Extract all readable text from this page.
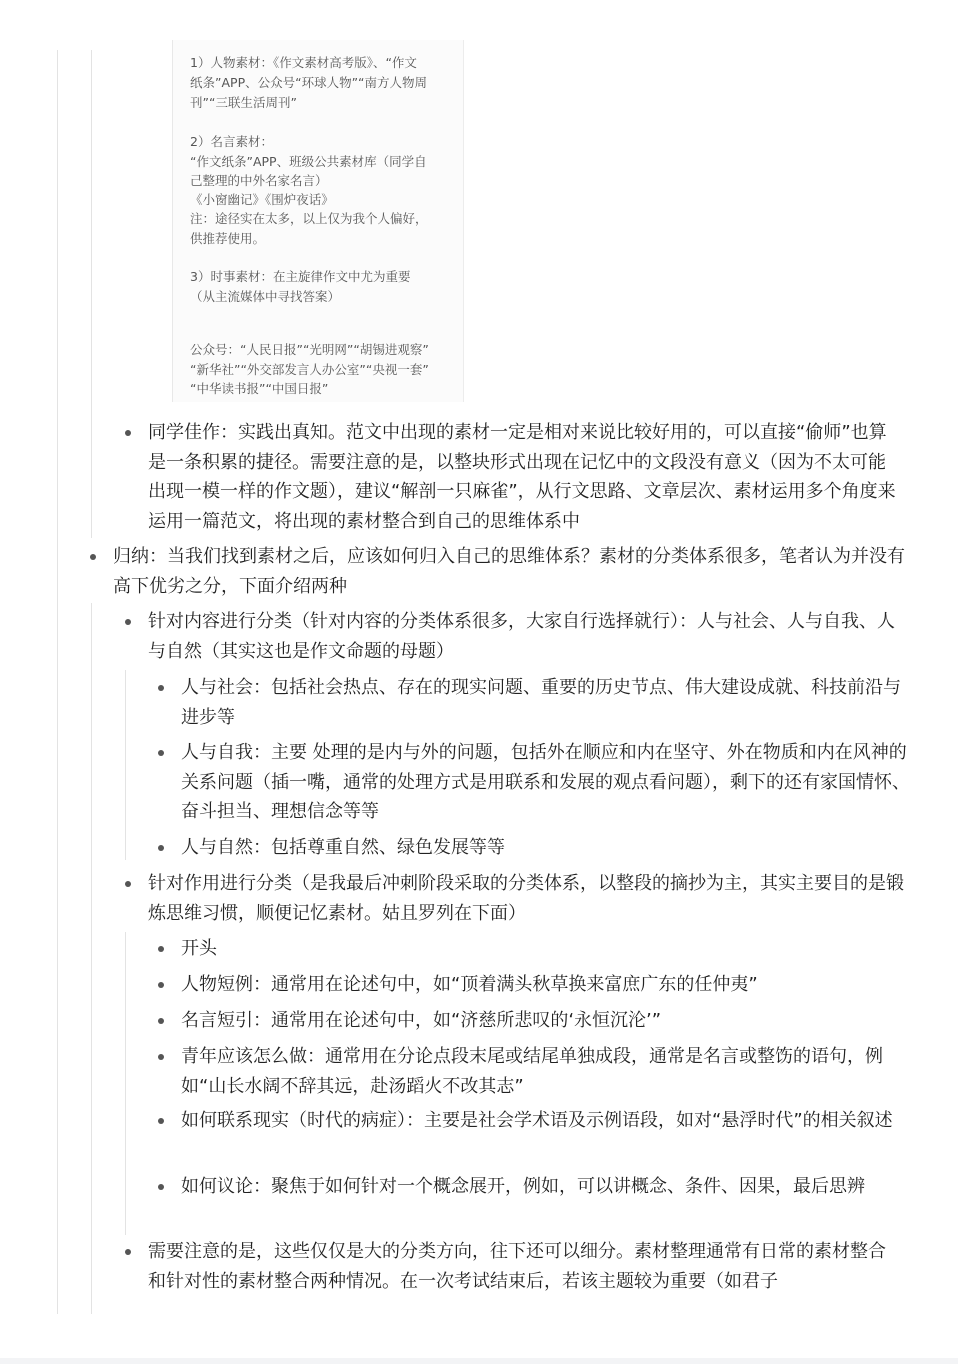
1）人物素材：《作文素材高考版》、“作文
纸条”APP、公众号“环球人物”“南方人物周
刊”“三联生活周刊”
2）名言素材：
“作文纸条”APP、班级公共素材库（同学自
己整理的中外名家名言）
《小窗幽记》《围炉夜话》
注：途径实在太多，以上仅为我个人偏好，
供推荐使用。
3）时事素材：在主旋律作文中尤为重要
（从主流媒体中寻找答案）
公众号：“人民日报”“光明网”“胡锡进观察”
“新华社”“外交部发言人办公室”“央视一套”
“中华读书报”“中国日报”
同学佳作：实践出真知。范文中出现的素材一定是相对来说比较好用的，可以直接“偷师”也算是一条积累的捷径。需要注意的是，以整块形式出现在记忆中的文段没有意义（因为不太可能出现一模一样的作文题），建议“解剖一只麻雀”，从行文思路、文章层次、素材运用多个角度来运用一篇范文，将出现的素材整合到自己的思维体系中
归纳：当我们找到素材之后，应该如何归入自己的思维体系？素材的分类体系很多，笔者认为并没有高下优劣之分，下面介绍两种
针对内容进行分类（针对内容的分类体系很多，大家自行选择就行）：人与社会、人与自我、人与自然（其实这也是作文命题的母题）
人与社会：包括社会热点、存在的现实问题、重要的历史节点、伟大建设成就、科技前沿与进步等
人与自我：主要 处理的是内与外的问题，包括外在顺应和内在坚守、外在物质和内在风神的关系问题（插一嘴，通常的处理方式是用联系和发展的观点看问题），剩下的还有家国情怀、奋斗担当、理想信念等等
人与自然：包括尊重自然、绿色发展等等
针对作用进行分类（是我最后冲刺阶段采取的分类体系，以整段的摘抄为主，其实主要目的是锻炼思维习惯，顺便记忆素材。姑且罗列在下面）
开头
人物短例：通常用在论述句中，如“顶着满头秋草换来富庶广东的任仲夷”
名言短引：通常用在论述句中，如“济慈所悲叹的‘永恒沉沦’”
青年应该怎么做：通常用在分论点段末尾或结尾单独成段，通常是名言或整饬的语句，例如“山长水阔不辞其远，赴汤蹈火不改其志”
如何联系现实（时代的病症）：主要是社会学术语及示例语段，如对“悬浮时代”的相关叙述
如何议论：聚焦于如何针对一个概念展开，例如，可以讲概念、条件、因果，最后思辨
需要注意的是，这些仅仅是大的分类方向，往下还可以细分。素材整理通常有日常的素材整合和针对性的素材整合两种情况。在一次考试结束后，若该主题较为重要（如君子
